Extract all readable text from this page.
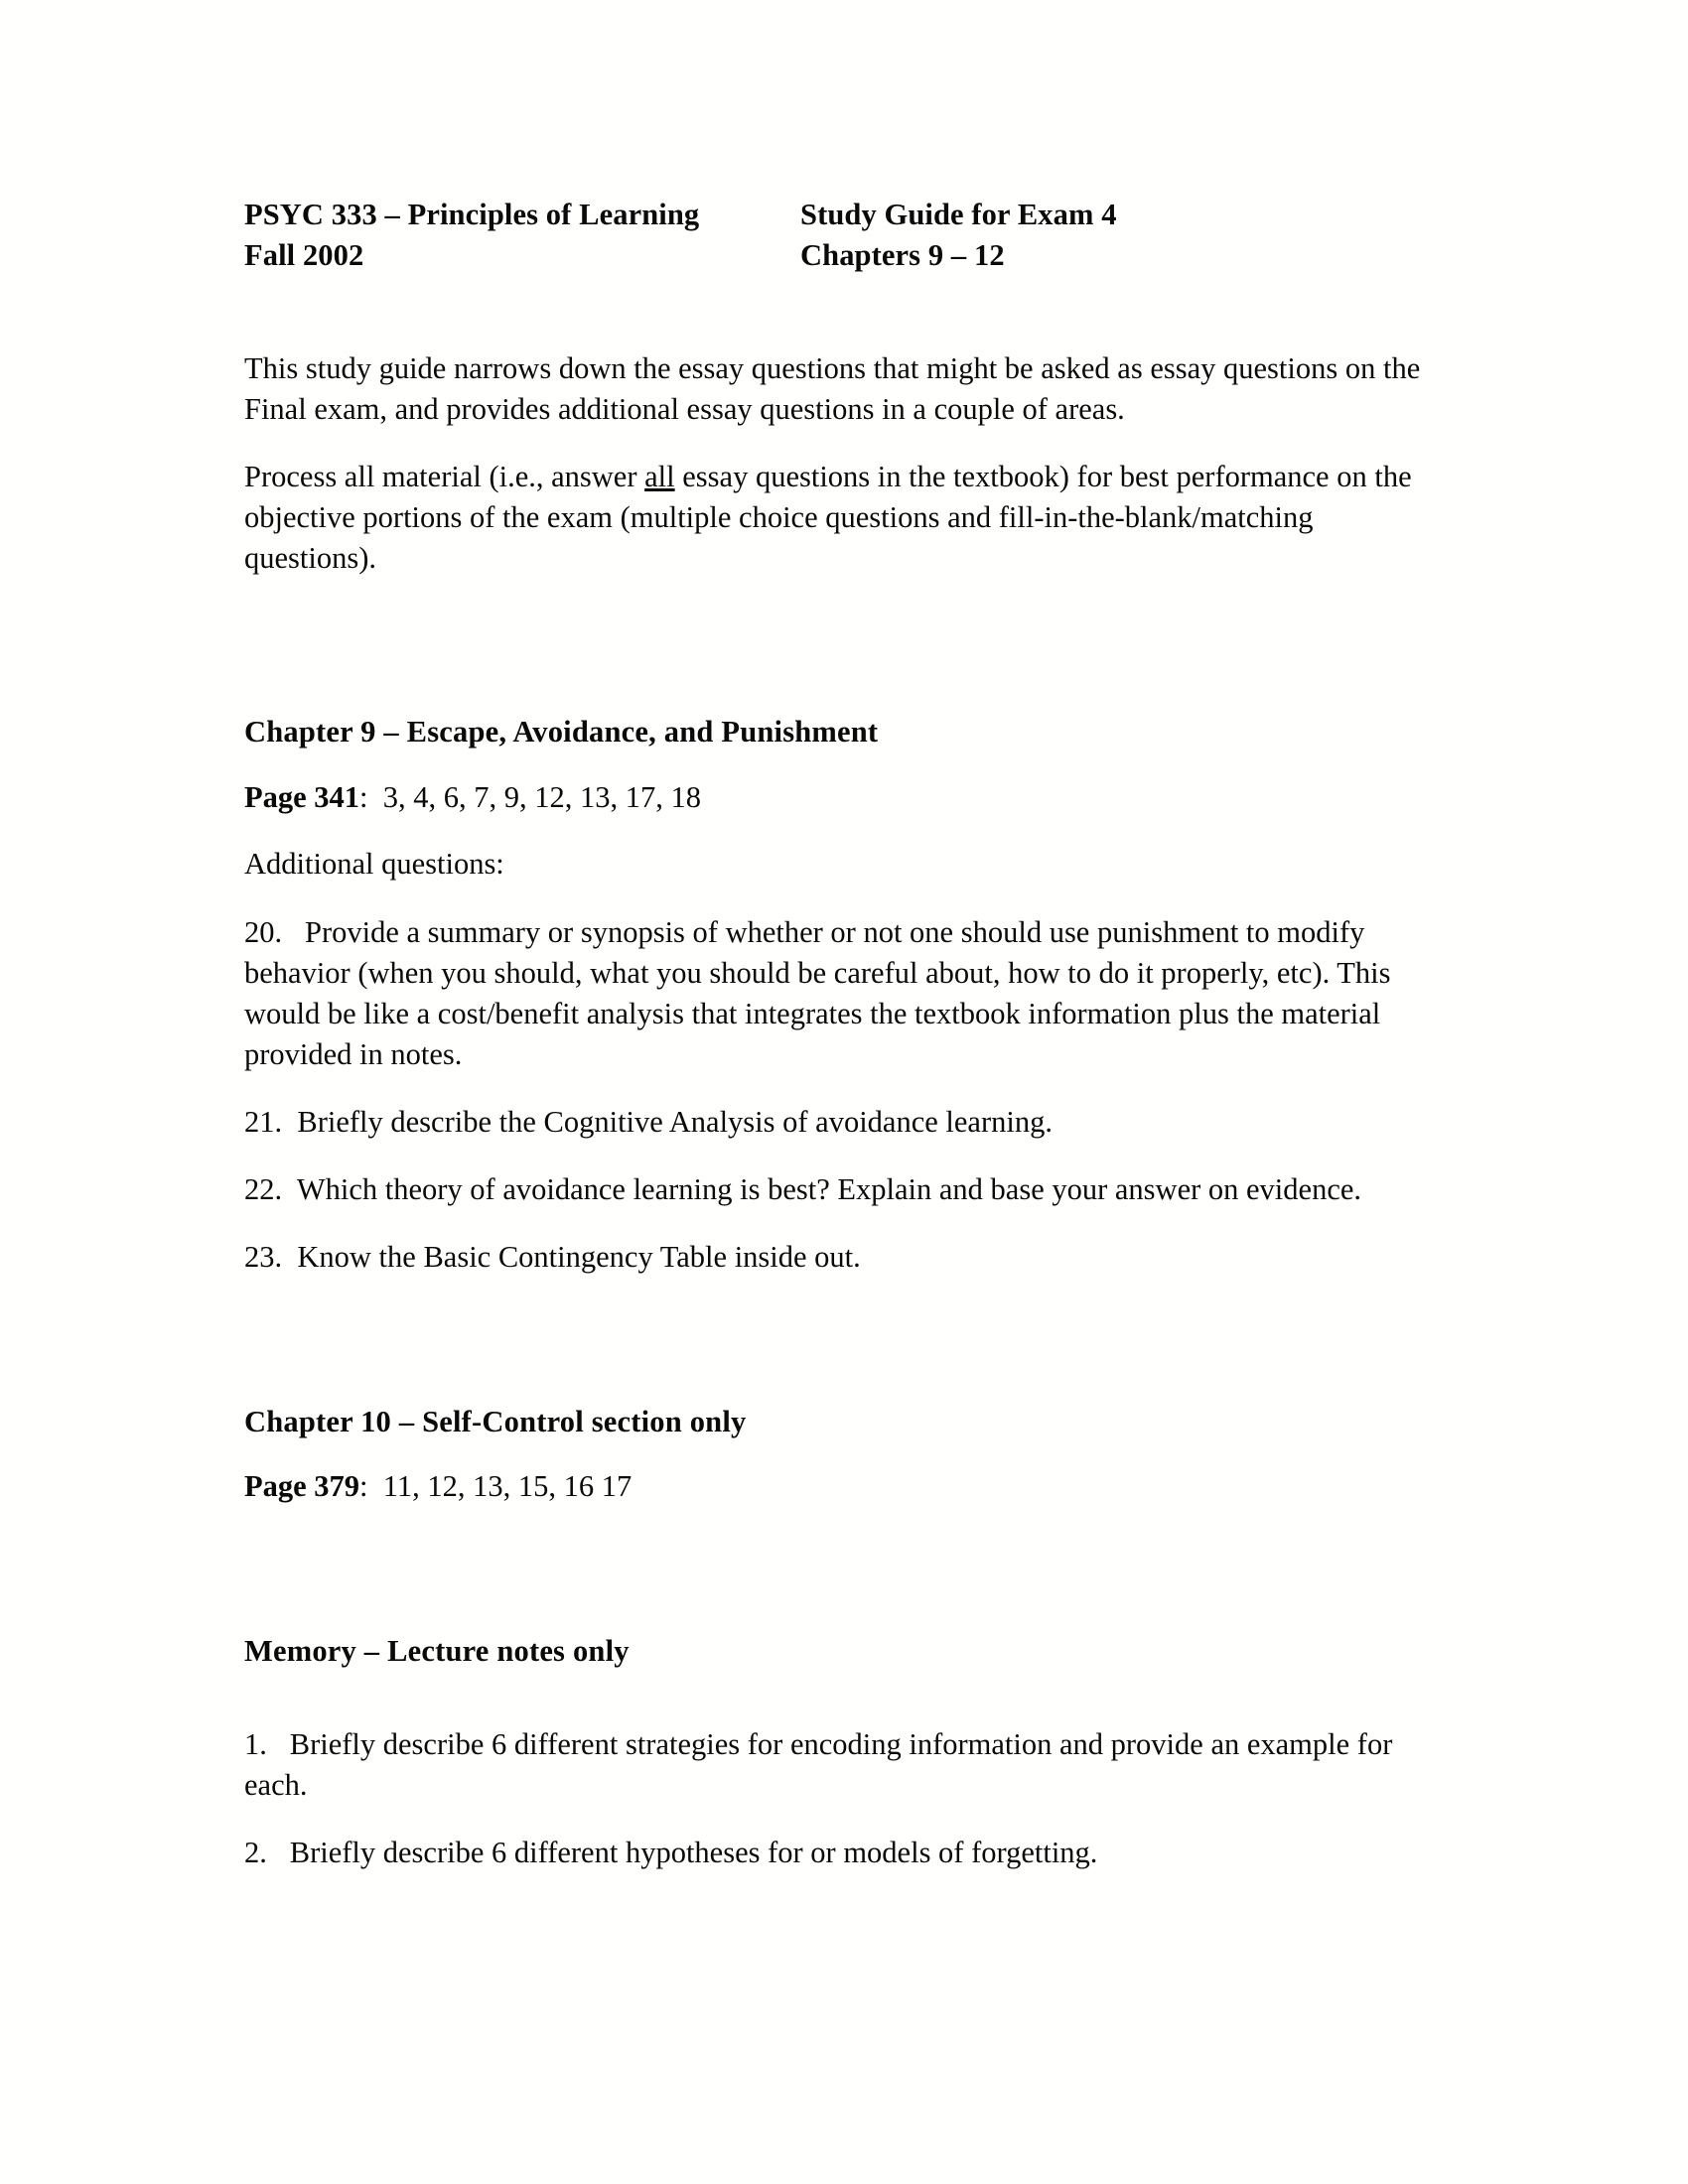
PSYC 333 – Principles of Learning
Fall 2002
Study Guide for Exam 4
Chapters 9 – 12

This study guide narrows down the essay questions that might be asked as essay questions on the Final exam, and provides additional essay questions in a couple of areas.

Process all material (i.e., answer all essay questions in the textbook) for best performance on the objective portions of the exam (multiple choice questions and fill-in-the-blank/matching questions).

Chapter 9 – Escape, Avoidance, and Punishment

Page 341: 3, 4, 6, 7, 9, 12, 13, 17, 18

Additional questions:

20. Provide a summary or synopsis of whether or not one should use punishment to modify behavior (when you should, what you should be careful about, how to do it properly, etc). This would be like a cost/benefit analysis that integrates the textbook information plus the material provided in notes.

21. Briefly describe the Cognitive Analysis of avoidance learning.

22. Which theory of avoidance learning is best? Explain and base your answer on evidence.

23. Know the Basic Contingency Table inside out.

Chapter 10 – Self-Control section only

Page 379: 11, 12, 13, 15, 16 17

Memory – Lecture notes only

1. Briefly describe 6 different strategies for encoding information and provide an example for each.

2. Briefly describe 6 different hypotheses for or models of forgetting.
